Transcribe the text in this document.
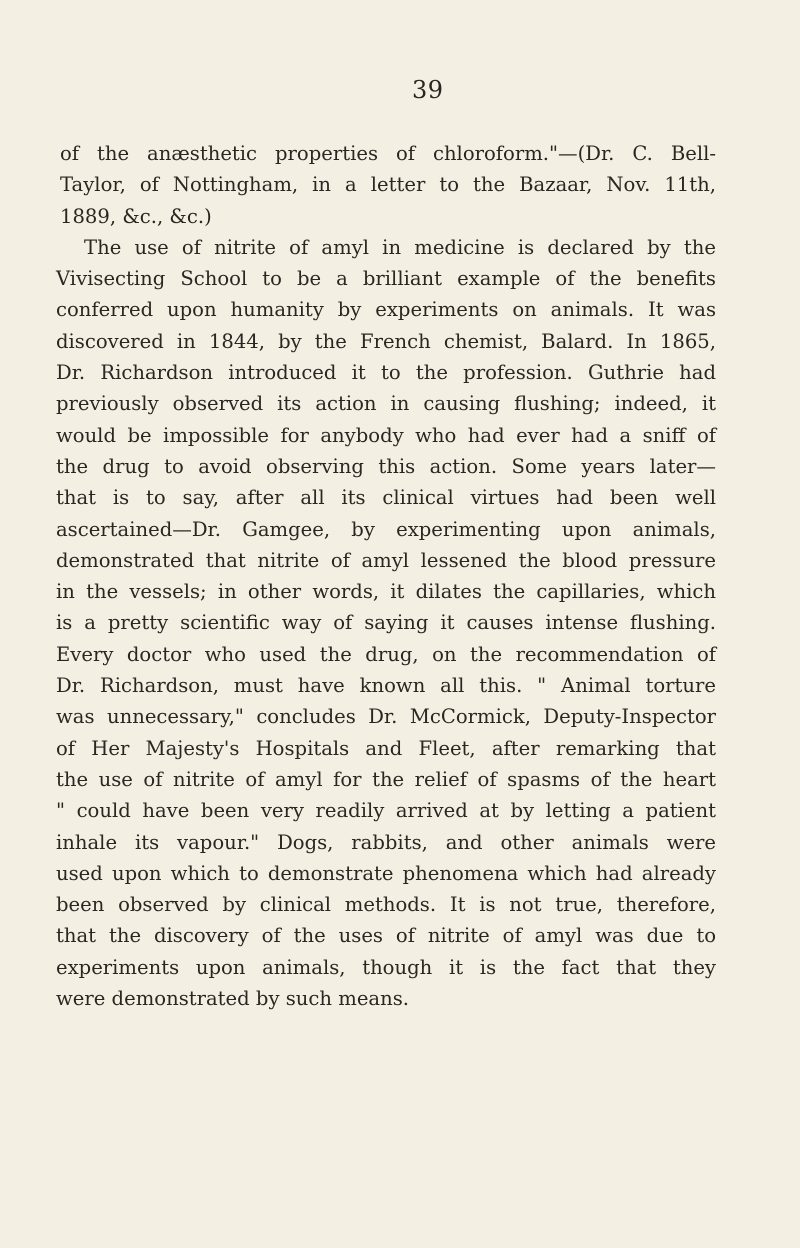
39
of the anæsthetic properties of chloroform."—(Dr. C. Bell-
Taylor, of Nottingham, in a letter to the Bazaar, Nov. 11th,
1889, &c., &c.)
The use of nitrite of amyl in medicine is declared by the
Vivisecting School to be a brilliant example of the benefits
conferred upon humanity by experiments on animals. It was
discovered in 1844, by the French chemist, Balard. In 1865,
Dr. Richardson introduced it to the profession. Guthrie had
previously observed its action in causing flushing; indeed, it
would be impossible for anybody who had ever had a sniff of
the drug to avoid observing this action. Some years later—
that is to say, after all its clinical virtues had been well
ascertained—Dr. Gamgee, by experimenting upon animals,
demonstrated that nitrite of amyl lessened the blood pressure
in the vessels; in other words, it dilates the capillaries, which
is a pretty scientific way of saying it causes intense flushing.
Every doctor who used the drug, on the recommendation of
Dr. Richardson, must have known all this. " Animal torture
was unnecessary," concludes Dr. McCormick, Deputy-Inspector
of Her Majesty's Hospitals and Fleet, after remarking that
the use of nitrite of amyl for the relief of spasms of the heart
" could have been very readily arrived at by letting a patient
inhale its vapour." Dogs, rabbits, and other animals were
used upon which to demonstrate phenomena which had already
been observed by clinical methods. It is not true, therefore,
that the discovery of the uses of nitrite of amyl was due to
experiments upon animals, though it is the fact that they
were demonstrated by such means.
